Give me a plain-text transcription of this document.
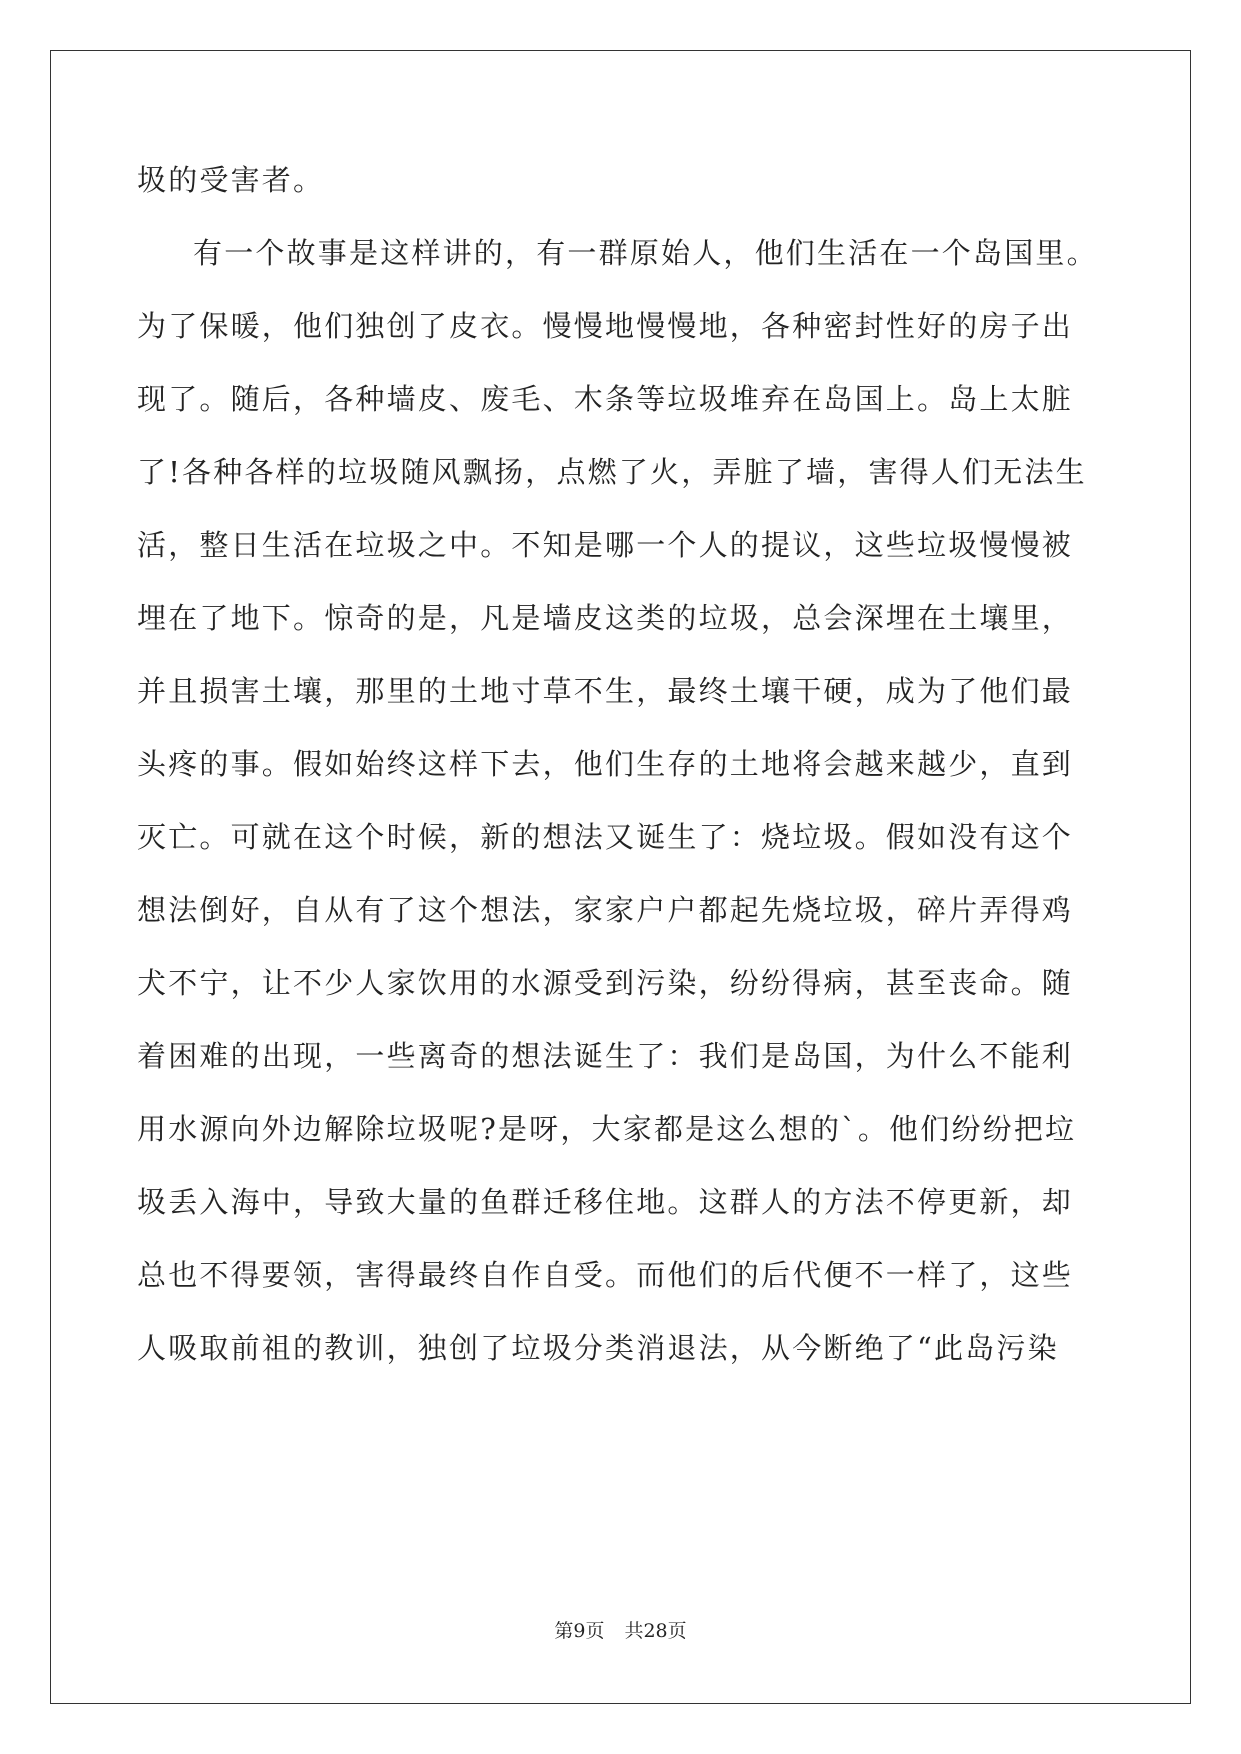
圾的受害者。
有一个故事是这样讲的，有一群原始人，他们生活在一个岛国里。
为了保暖，他们独创了皮衣。慢慢地慢慢地，各种密封性好的房子出
现了。随后，各种墙皮、废毛、木条等垃圾堆弃在岛国上。岛上太脏
了!各种各样的垃圾随风飘扬，点燃了火，弄脏了墙，害得人们无法生
活，整日生活在垃圾之中。不知是哪一个人的提议，这些垃圾慢慢被
埋在了地下。惊奇的是，凡是墙皮这类的垃圾，总会深埋在土壤里，
并且损害土壤，那里的土地寸草不生，最终土壤干硬，成为了他们最
头疼的事。假如始终这样下去，他们生存的土地将会越来越少，直到
灭亡。可就在这个时候，新的想法又诞生了：烧垃圾。假如没有这个
想法倒好，自从有了这个想法，家家户户都起先烧垃圾，碎片弄得鸡
犬不宁，让不少人家饮用的水源受到污染，纷纷得病，甚至丧命。随
着困难的出现，一些离奇的想法诞生了：我们是岛国，为什么不能利
用水源向外边解除垃圾呢?是呀，大家都是这么想的`。他们纷纷把垃
圾丢入海中，导致大量的鱼群迁移住地。这群人的方法不停更新，却
总也不得要领，害得最终自作自受。而他们的后代便不一样了，这些
人吸取前祖的教训，独创了垃圾分类消退法，从今断绝了“此岛污染
第9页 共28页
